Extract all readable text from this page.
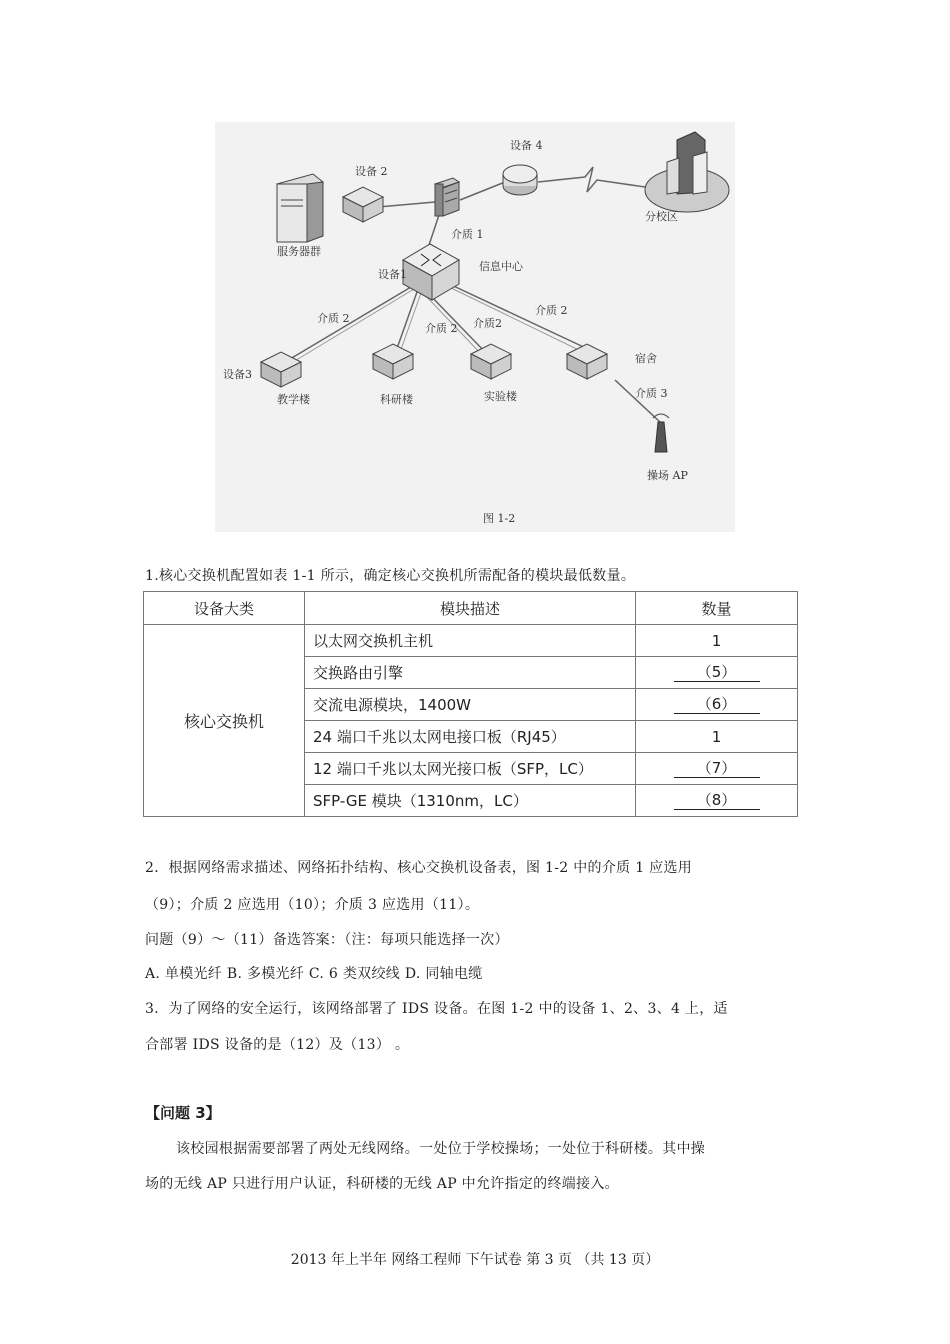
设备 4
设备 2
服务器群
分校区
介质 1
设备1
信息中心
介质 2
介质 2
介质 2 介质2
宿舍
设备3
教学楼	科研楼	实验楼	介质 3
操场 AP
图 1-2
1.核心交换机配置如表 1-1 所示，确定核心交换机所需配备的模块最低数量。
设备大类	模块描述	数量
核心交换机	以太网交换机主机	1
	交换路由引擎	（5）
	交流电源模块，1400W	（6）
	24 端口千兆以太网电接口板（RJ45）	1
	12 端口千兆以太网光接口板（SFP，LC）	（7）
	SFP-GE 模块（1310nm，LC）	（8）
2．根据网络需求描述、网络拓扑结构、核心交换机设备表，图 1-2 中的介质 1 应选用
（9）；介质 2 应选用（10）；介质 3 应选用（11）。
问题（9）～（11）备选答案：（注：每项只能选择一次）
A. 单模光纤 B. 多模光纤 C. 6 类双绞线 D. 同轴电缆
3．为了网络的安全运行，该网络部署了 IDS 设备。在图 1-2 中的设备 1、2、3、4 上，适
合部署 IDS 设备的是（12）及（13） 。
【问题 3】
该校园根据需要部署了两处无线网络。一处位于学校操场；一处位于科研楼。其中操
场的无线 AP 只进行用户认证，科研楼的无线 AP 中允许指定的终端接入。
2013 年上半年 网络工程师 下午试卷 第 3 页 （共 13 页）
